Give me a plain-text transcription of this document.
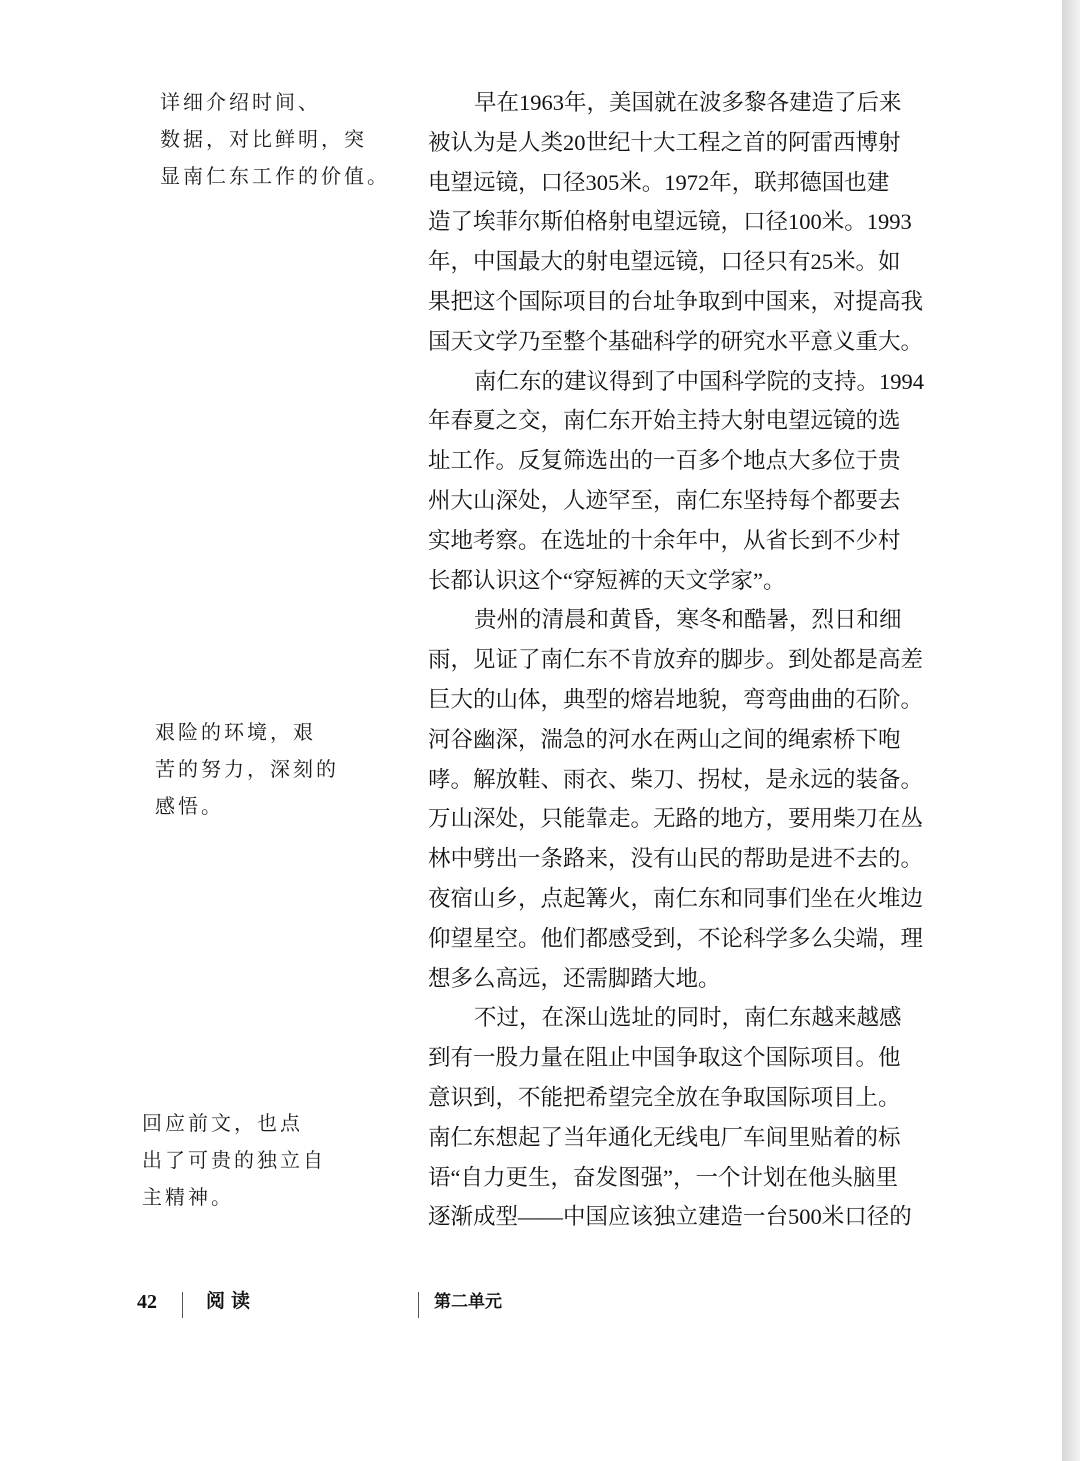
详细介绍时间、
数据，对比鲜明，突
显南仁东工作的价值。
艰险的环境，艰
苦的努力，深刻的
感悟。
回应前文，也点
出了可贵的独立自
主精神。
早在1963年，美国就在波多黎各建造了后来
被认为是人类20世纪十大工程之首的阿雷西博射
电望远镜，口径305米。1972年，联邦德国也建
造了埃菲尔斯伯格射电望远镜，口径100米。1993
年，中国最大的射电望远镜，口径只有25米。如
果把这个国际项目的台址争取到中国来，对提高我
国天文学乃至整个基础科学的研究水平意义重大。
南仁东的建议得到了中国科学院的支持。1994
年春夏之交，南仁东开始主持大射电望远镜的选
址工作。反复筛选出的一百多个地点大多位于贵
州大山深处，人迹罕至，南仁东坚持每个都要去
实地考察。在选址的十余年中，从省长到不少村
长都认识这个“穿短裤的天文学家”。
贵州的清晨和黄昏，寒冬和酷暑，烈日和细
雨，见证了南仁东不肯放弃的脚步。到处都是高差
巨大的山体，典型的熔岩地貌，弯弯曲曲的石阶。
河谷幽深，湍急的河水在两山之间的绳索桥下咆
哮。解放鞋、雨衣、柴刀、拐杖，是永远的装备。
万山深处，只能靠走。无路的地方，要用柴刀在丛
林中劈出一条路来，没有山民的帮助是进不去的。
夜宿山乡，点起篝火，南仁东和同事们坐在火堆边
仰望星空。他们都感受到，不论科学多么尖端，理
想多么高远，还需脚踏大地。
不过，在深山选址的同时，南仁东越来越感
到有一股力量在阻止中国争取这个国际项目。他
意识到，不能把希望完全放在争取国际项目上。
南仁东想起了当年通化无线电厂车间里贴着的标
语“自力更生，奋发图强”，一个计划在他头脑里
逐渐成型——中国应该独立建造一台500米口径的
42	阅读	第二单元
